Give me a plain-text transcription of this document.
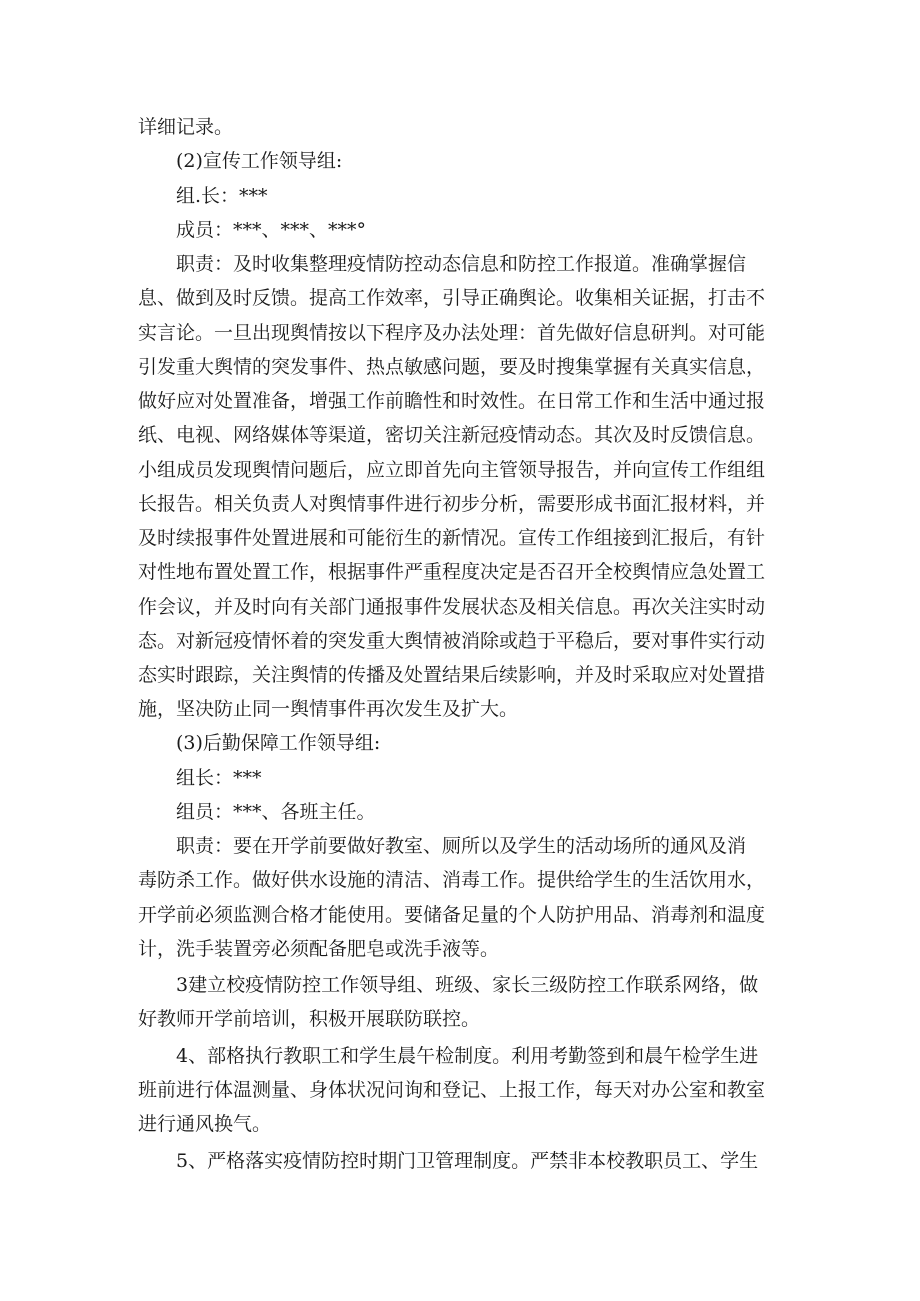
详细记录。
(2)宣传工作领导组:
组.长：***
成员：***、***、***°
职责：及时收集整理疫情防控动态信息和防控工作报道。准确掌握信
息、做到及时反馈。提高工作效率，引导正确舆论。收集相关证据，打击不
实言论。一旦出现舆情按以下程序及办法处理：首先做好信息研判。对可能
引发重大舆情的突发事件、热点敏感问题，要及时搜集掌握有关真实信息，
做好应对处置准备，增强工作前瞻性和时效性。在日常工作和生活中通过报
纸、电视、网络媒体等渠道，密切关注新冠疫情动态。其次及时反馈信息。
小组成员发现舆情问题后，应立即首先向主管领导报告，并向宣传工作组组
长报告。相关负责人对舆情事件进行初步分析，需要形成书面汇报材料，并
及时续报事件处置进展和可能衍生的新情况。宣传工作组接到汇报后，有针
对性地布置处置工作，根据事件严重程度决定是否召开全校舆情应急处置工
作会议，并及时向有关部门通报事件发展状态及相关信息。再次关注实时动
态。对新冠疫情怀着的突发重大舆情被消除或趋于平稳后，要对事件实行动
态实时跟踪，关注舆情的传播及处置结果后续影响，并及时采取应对处置措
施，坚决防止同一舆情事件再次发生及扩大。
(3)后勤保障工作领导组:
组长：***
组员：***、各班主任。
职责：要在开学前要做好教室、厕所以及学生的活动场所的通风及消
毒防杀工作。做好供水设施的清洁、消毒工作。提供给学生的生活饮用水，
开学前必须监测合格才能使用。要储备足量的个人防护用品、消毒剂和温度
计，洗手装置旁必须配备肥皂或洗手液等。
3建立校疫情防控工作领导组、班级、家长三级防控工作联系网络，做
好教师开学前培训，积极开展联防联控。
4、部格执行教职工和学生晨午检制度。利用考勤签到和晨午检学生进
班前进行体温测量、身体状况问询和登记、上报工作，每天对办公室和教室
进行通风换气。
5、严格落实疫情防控时期门卫管理制度。严禁非本校教职员工、学生
